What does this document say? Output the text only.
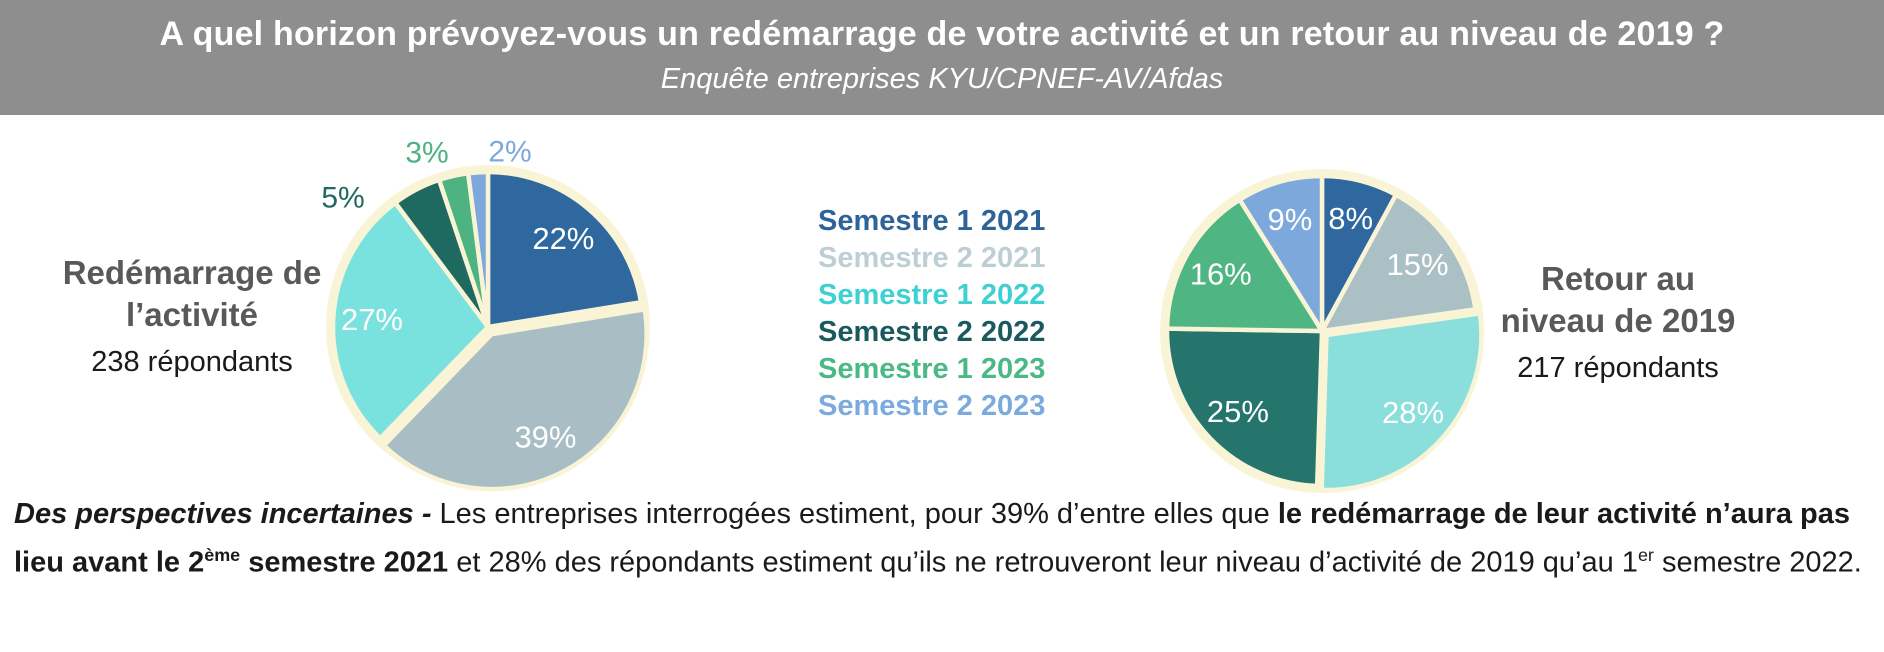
A quel horizon prévoyez-vous un redémarrage de votre activité et un retour au niveau de 2019 ?
Enquête entreprises KYU/CPNEF-AV/Afdas
Redémarrage de l’activité
238 répondants
22%
39%
27%
5%
3% 2%
Semestre 1 2021
Semestre 2 2021
Semestre 1 2022
Semestre 2 2022
Semestre 1 2023
Semestre 2 2023
8%
15%
28%
25%
16%
9%
Retour au niveau de 2019
217 répondants
Des perspectives incertaines - Les entreprises interrogées estiment, pour 39% d’entre elles que le redémarrage de leur activité n’aura pas lieu avant le 2ème semestre 2021 et 28% des répondants estiment qu’ils ne retrouveront leur niveau d’activité de 2019 qu’au 1er semestre 2022.
